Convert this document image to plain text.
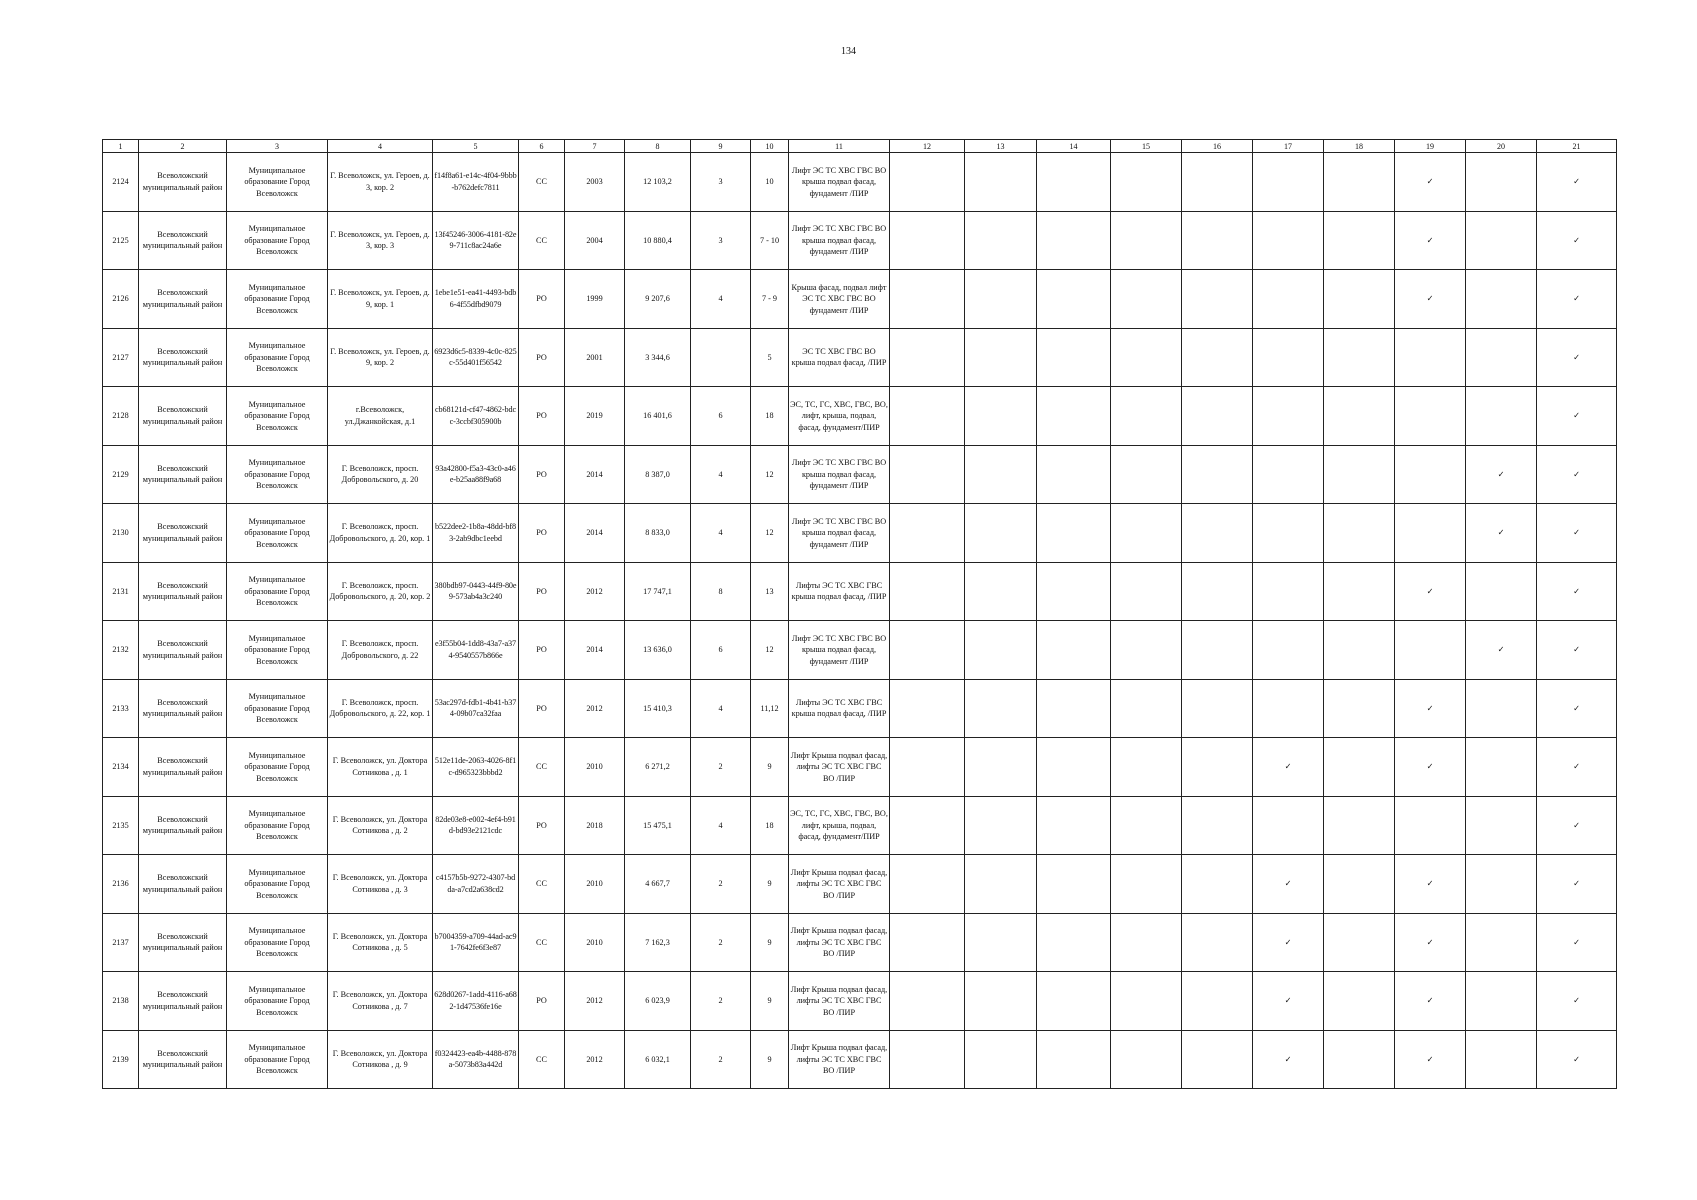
134
1	2	3	4	5	6	7	8	9	10	11	12	13	14	15	16	17	18	19	20	21
2124	Всеволожский муниципальный район	Муниципальное образование Город Всеволожск	Г. Всеволожск, ул. Героев, д. 3, кор. 2	f14f8a61-e14c-4f04-9bbb-b762defc7811	СС	2003	12 103,2	3	10	Лифт ЭС ТС ХВС ГВС ВО крыша подвал фасад, фундамент /ПИР								✓		✓
2125	Всеволожский муниципальный район	Муниципальное образование Город Всеволожск	Г. Всеволожск, ул. Героев, д. 3, кор. 3	13f45246-3006-4181-82e9-711c8ac24a6e	СС	2004	10 880,4	3	7 - 10	Лифт ЭС ТС ХВС ГВС ВО крыша подвал фасад, фундамент /ПИР								✓		✓
2126	Всеволожский муниципальный район	Муниципальное образование Город Всеволожск	Г. Всеволожск, ул. Героев, д. 9, кор. 1	1ebe1e51-ea41-4493-bdb6-4f55dfbd9079	РО	1999	9 207,6	4	7 - 9	Крыша фасад, подвал лифт ЭС ТС ХВС ГВС ВО фундамент /ПИР								✓		✓
2127	Всеволожский муниципальный район	Муниципальное образование Город Всеволожск	Г. Всеволожск, ул. Героев, д. 9, кор. 2	6923d6c5-8339-4c0c-825c-55d401f56542	РО	2001	3 344,6		5	ЭС ТС ХВС ГВС ВО крыша подвал фасад, /ПИР										✓
2128	Всеволожский муниципальный район	Муниципальное образование Город Всеволожск	г.Всеволожск, ул.Джанкойская, д.1	cb68121d-cf47-4862-bdcc-3ccbf305900b	РО	2019	16 401,6	6	18	ЭС, ТС, ГС, ХВС, ГВС, ВО, лифт, крыша, подвал, фасад, фундамент/ПИР										✓
2129	Всеволожский муниципальный район	Муниципальное образование Город Всеволожск	Г. Всеволожск, просп. Добровольского, д. 20	93a42800-f5a3-43c0-a46e-b25aa88f9a68	РО	2014	8 387,0	4	12	Лифт ЭС ТС ХВС ГВС ВО крыша подвал фасад, фундамент /ПИР									✓	✓
2130	Всеволожский муниципальный район	Муниципальное образование Город Всеволожск	Г. Всеволожск, просп. Добровольского, д. 20, кор. 1	b522dee2-1b8a-48dd-bf83-2ab9dbc1eebd	РО	2014	8 833,0	4	12	Лифт ЭС ТС ХВС ГВС ВО крыша подвал фасад, фундамент /ПИР									✓	✓
2131	Всеволожский муниципальный район	Муниципальное образование Город Всеволожск	Г. Всеволожск, просп. Добровольского, д. 20, кор. 2	380bdb97-0443-44f9-80e9-573ab4a3c240	РО	2012	17 747,1	8	13	Лифты ЭС ТС ХВС ГВС крыша подвал фасад, /ПИР								✓		✓
2132	Всеволожский муниципальный район	Муниципальное образование Город Всеволожск	Г. Всеволожск, просп. Добровольского, д. 22	e3f55b04-1dd8-43a7-a374-9540557b866e	РО	2014	13 636,0	6	12	Лифт ЭС ТС ХВС ГВС ВО крыша подвал фасад, фундамент /ПИР									✓	✓
2133	Всеволожский муниципальный район	Муниципальное образование Город Всеволожск	Г. Всеволожск, просп. Добровольского, д. 22, кор. 1	53ac297d-fdb1-4b41-b374-09b07ca32faa	РО	2012	15 410,3	4	11,12	Лифты ЭС ТС ХВС ГВС крыша подвал фасад, /ПИР								✓		✓
2134	Всеволожский муниципальный район	Муниципальное образование Город Всеволожск	Г. Всеволожск, ул. Доктора Сотникова , д. 1	512e11de-2063-4026-8f1c-d965323bbbd2	СС	2010	6 271,2	2	9	Лифт Крыша подвал фасад, лифты ЭС ТС ХВС ГВС ВО /ПИР						✓		✓		✓
2135	Всеволожский муниципальный район	Муниципальное образование Город Всеволожск	Г. Всеволожск, ул. Доктора Сотникова , д. 2	82de03e8-e002-4ef4-b91d-bd93e2121cdc	РО	2018	15 475,1	4	18	ЭС, ТС, ГС, ХВС, ГВС, ВО, лифт, крыша, подвал, фасад, фундамент/ПИР										✓
2136	Всеволожский муниципальный район	Муниципальное образование Город Всеволожск	Г. Всеволожск, ул. Доктора Сотникова , д. 3	c4157b5b-9272-4307-bdda-a7cd2a638cd2	СС	2010	4 667,7	2	9	Лифт Крыша подвал фасад, лифты ЭС ТС ХВС ГВС ВО /ПИР						✓		✓		✓
2137	Всеволожский муниципальный район	Муниципальное образование Город Всеволожск	Г. Всеволожск, ул. Доктора Сотникова , д. 5	b7004359-a709-44ad-ac91-7642fe6f3e87	СС	2010	7 162,3	2	9	Лифт Крыша подвал фасад, лифты ЭС ТС ХВС ГВС ВО /ПИР						✓		✓		✓
2138	Всеволожский муниципальный район	Муниципальное образование Город Всеволожск	Г. Всеволожск, ул. Доктора Сотникова , д. 7	628d0267-1add-4116-a682-1d47536fe16e	РО	2012	6 023,9	2	9	Лифт Крыша подвал фасад, лифты ЭС ТС ХВС ГВС ВО /ПИР						✓		✓		✓
2139	Всеволожский муниципальный район	Муниципальное образование Город Всеволожск	Г. Всеволожск, ул. Доктора Сотникова , д. 9	f0324423-ea4b-4488-878a-5073b83a442d	СС	2012	6 032,1	2	9	Лифт Крыша подвал фасад, лифты ЭС ТС ХВС ГВС ВО /ПИР						✓		✓		✓
